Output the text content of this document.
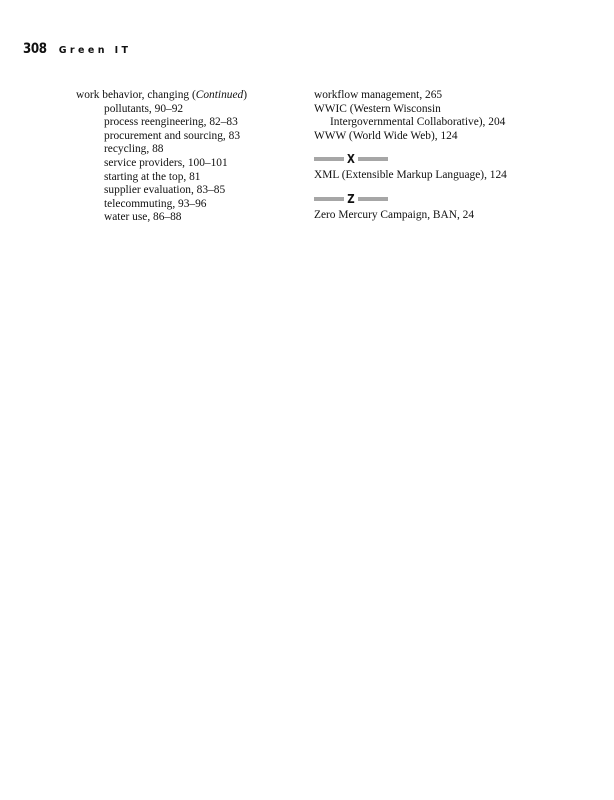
308 Green IT
work behavior, changing (Continued)
pollutants, 90–92
process reengineering, 82–83
procurement and sourcing, 83
recycling, 88
service providers, 100–101
starting at the top, 81
supplier evaluation, 83–85
telecommuting, 93–96
water use, 86–88
workflow management, 265
WWIC (Western Wisconsin
Intergovernmental Collaborative), 204
WWW (World Wide Web), 124
X
XML (Extensible Markup Language), 124
Z
Zero Mercury Campaign, BAN, 24
